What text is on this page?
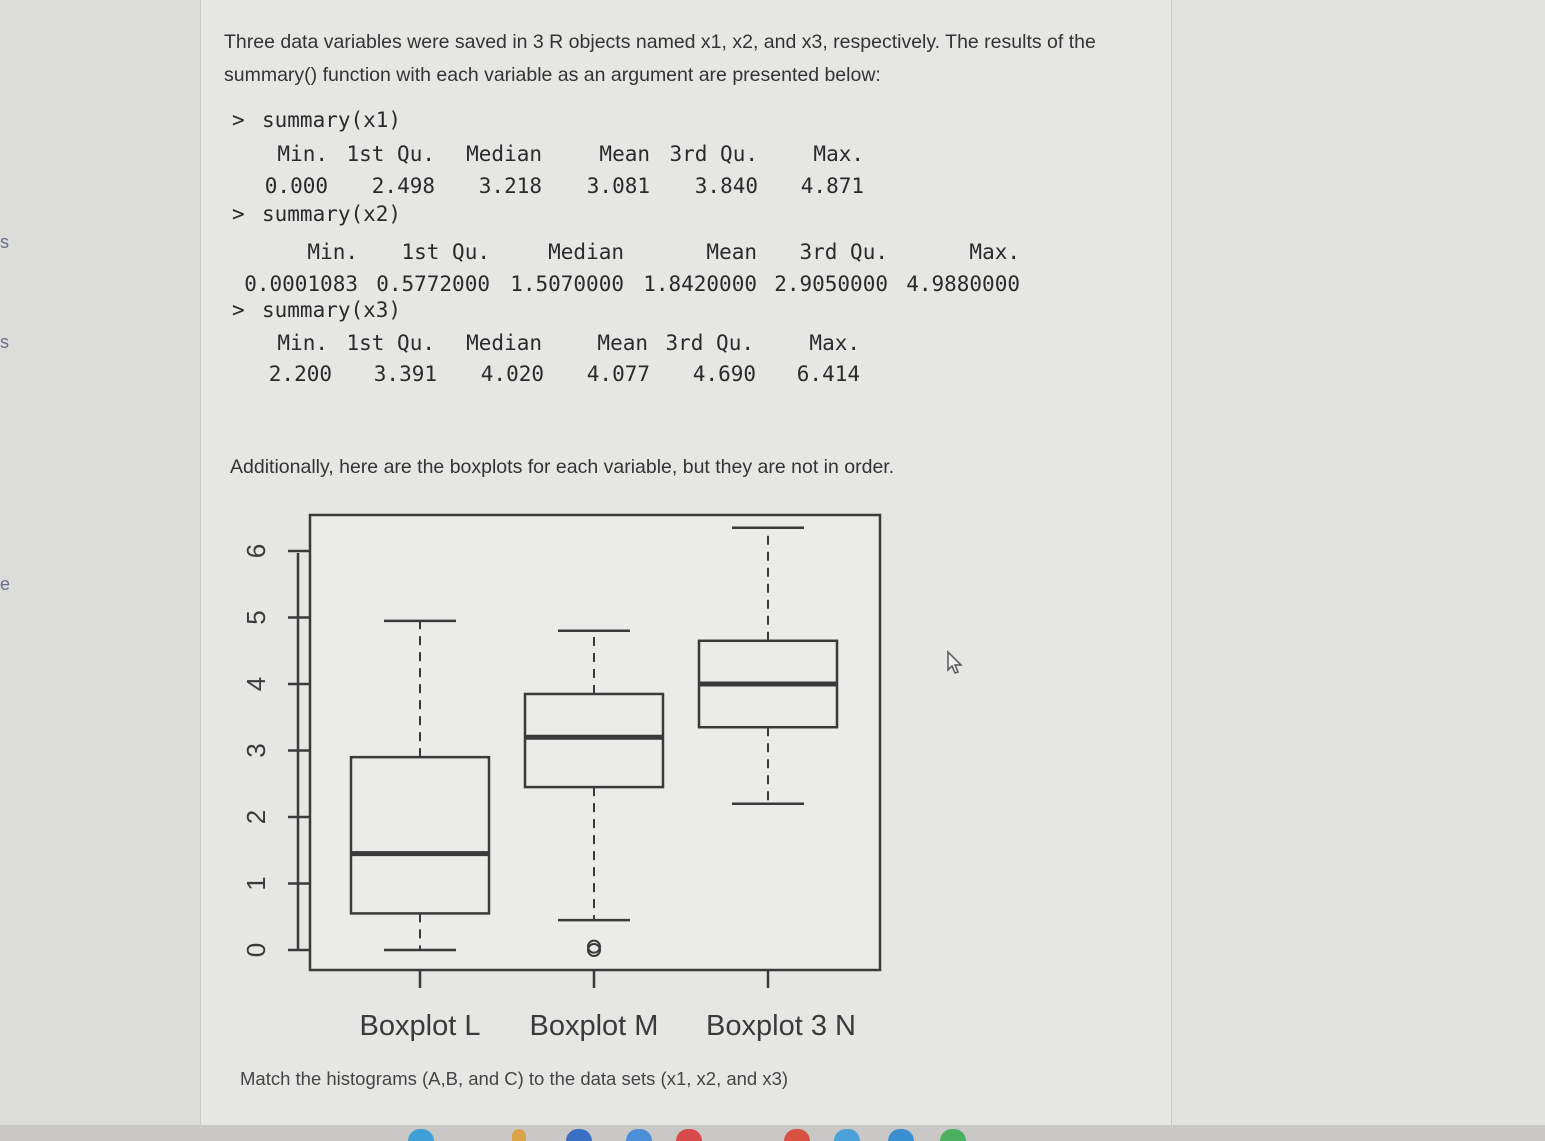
s
s
e
Three data variables were saved in 3 R objects named x1, x2, and x3, respectively. The results of the
summary() function with each variable as an argument are presented below:

> summary(x1)

Min. 1st Qu. Median	Mean 3rd Qu.	Max.

0.000 2.498 3.218 3.081 3.840 4.871

> summary(x2)

Min. 1st Qu.	Median	Mean 3rd Qu.	Max.

0.0001083 0.5772000 1.5070000 1.8420000 2.9050000 4.9880000

> summary(x3)

Min. 1st Qu. Median	Mean 3rd Qu.	Max.

2.200 3.391 4.020 4.077 4.690 6.414

Additionally, here are the boxplots for each variable, but they are not in order.
0
1
2
3
4
5
6
Boxplot L Boxplot M Boxplot 3 N
Match the histograms (A,B, and C) to the data sets (x1, x2, and x3)
